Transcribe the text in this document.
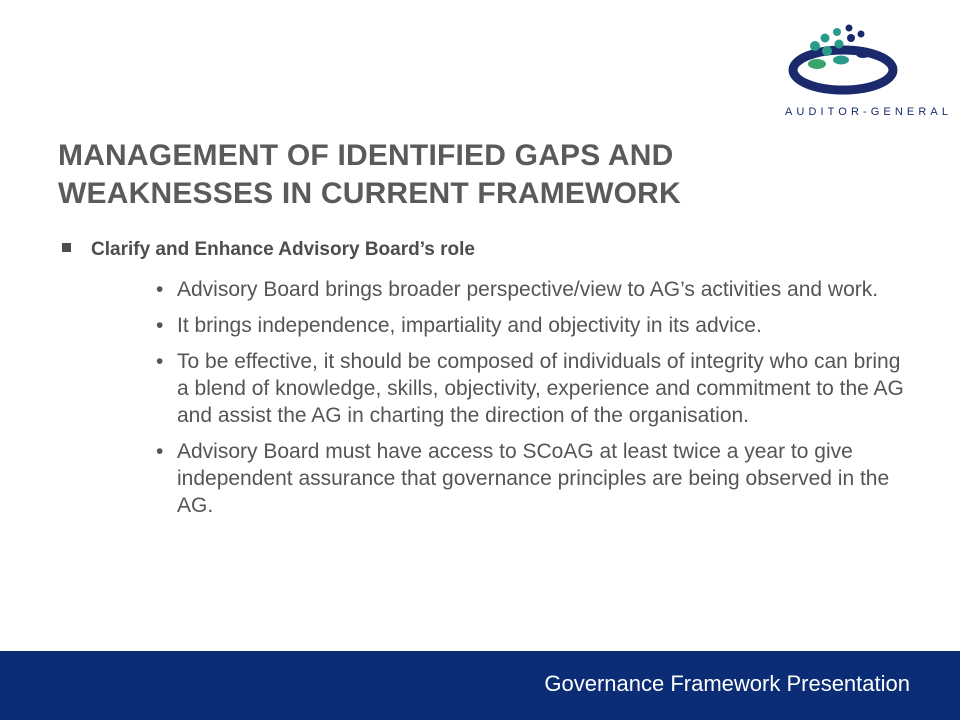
AUDITOR-GENERAL
MANAGEMENT OF IDENTIFIED GAPS AND
WEAKNESSES IN CURRENT FRAMEWORK
Clarify and Enhance Advisory Board’s role
• Advisory Board brings broader perspective/view to AG’s activities and work.
• It brings independence, impartiality and objectivity in its advice.
• To be effective, it should be composed of individuals of integrity who can bring a blend of knowledge, skills, objectivity, experience and commitment to the AG and assist the AG in charting the direction of the organisation.
• Advisory Board must have access to SCoAG at least twice a year to give independent assurance that governance principles are being observed in the AG.
Governance Framework Presentation
